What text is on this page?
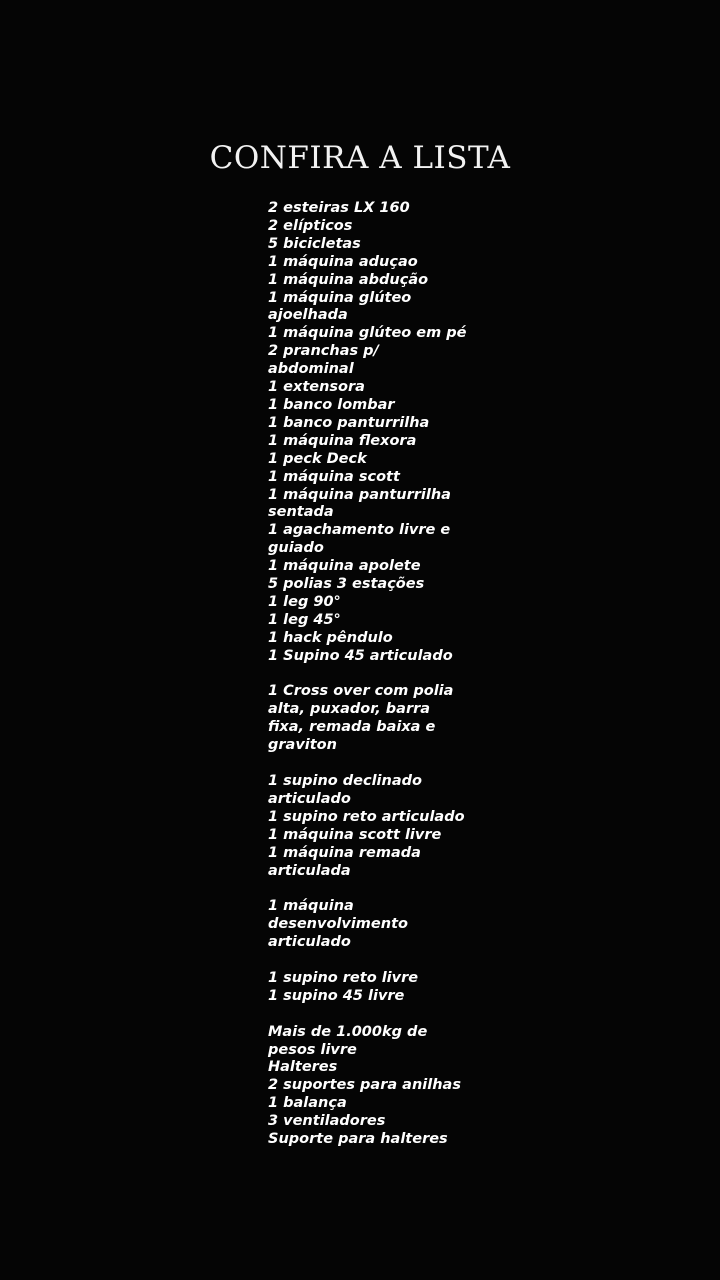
CONFIRA A LISTA
2 esteiras LX 160
2 elípticos
5 bicicletas
1 máquina aduçao
1 máquina abdução
1 máquina glúteo ajoelhada
1 máquina glúteo em pé
2 pranchas p/ abdominal
1 extensora
1 banco lombar
1 banco panturrilha
1 máquina flexora
1 peck Deck
1 máquina scott
1 máquina panturrilha sentada
1 agachamento livre e guiado
1 máquina apolete
5 polias 3 estações
1 leg 90°
1 leg 45°
1 hack pêndulo
1 Supino 45 articulado
1 Cross over com polia alta, puxador, barra fixa, remada baixa e graviton
1 supino declinado articulado
1 supino reto articulado
1 máquina scott livre
1 máquina remada articulada
1 máquina desenvolvimento articulado
1 supino reto livre
1 supino 45 livre
Mais de 1.000kg de pesos livre
Halteres
2 suportes para anilhas
1 balança
3 ventiladores
Suporte para halteres
